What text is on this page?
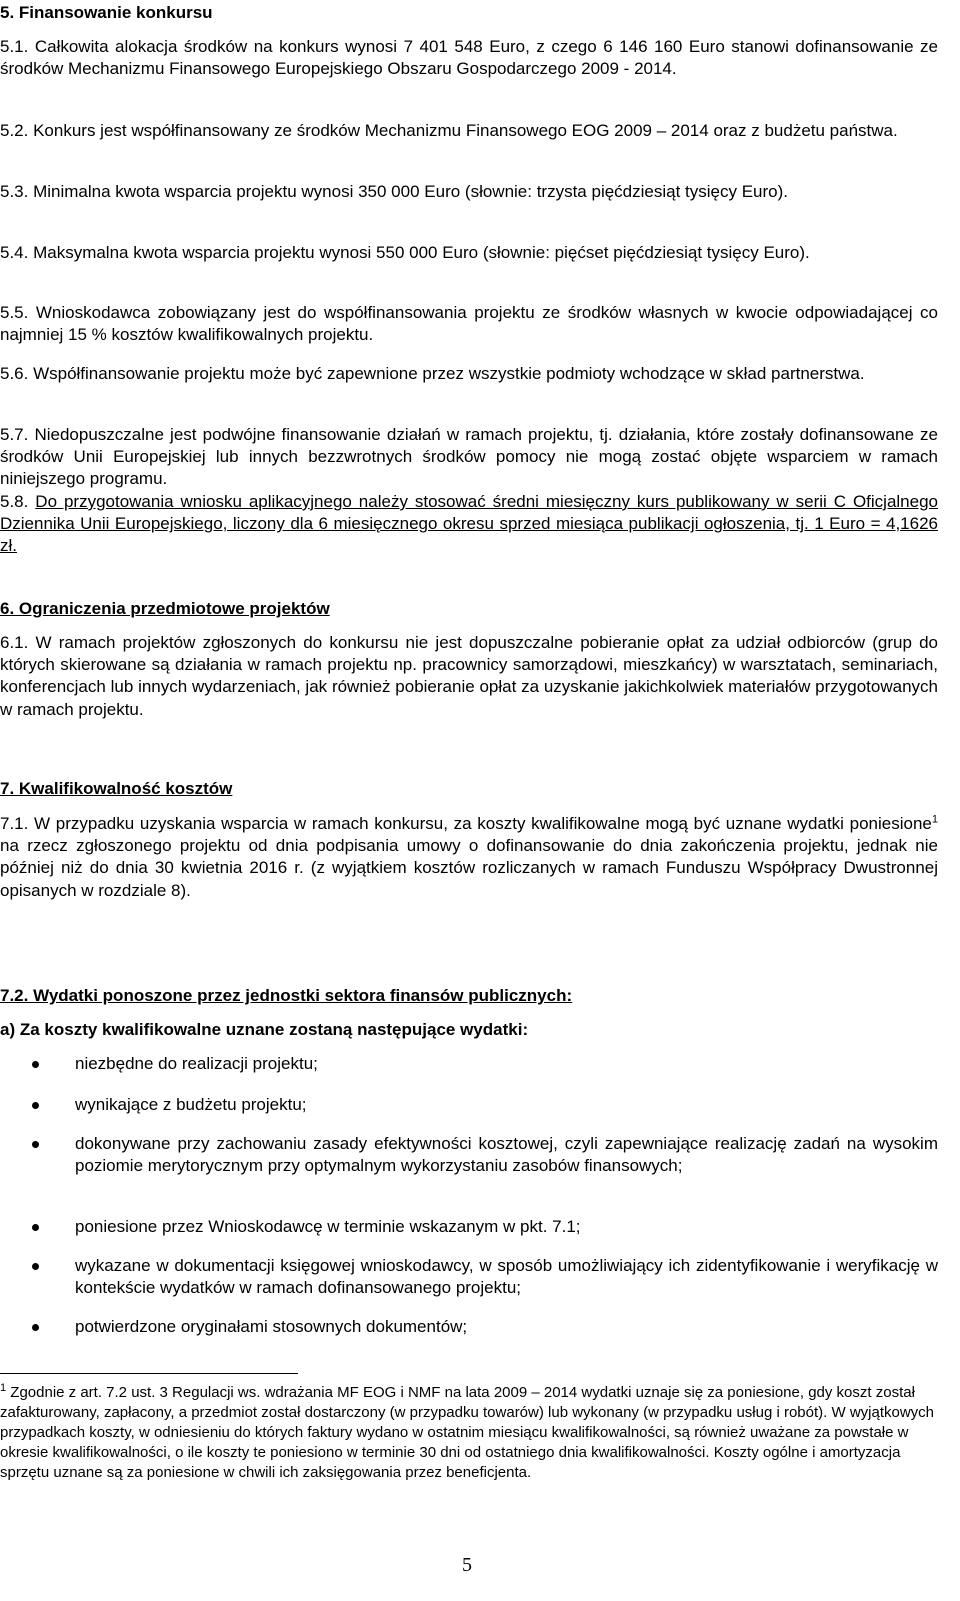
5. Finansowanie konkursu

5.1. Całkowita alokacja środków na konkurs wynosi 7 401 548 Euro, z czego 6 146 160 Euro stanowi dofinansowanie ze środków Mechanizmu Finansowego Europejskiego Obszaru Gospodarczego 2009 - 2014.

5.2. Konkurs jest współfinansowany ze środków Mechanizmu Finansowego EOG 2009 – 2014 oraz z budżetu państwa.

5.3. Minimalna kwota wsparcia projektu wynosi 350 000 Euro (słownie: trzysta pięćdziesiąt tysięcy Euro).

5.4. Maksymalna kwota wsparcia projektu wynosi 550 000 Euro (słownie: pięćset pięćdziesiąt tysięcy Euro).

5.5. Wnioskodawca zobowiązany jest do współfinansowania projektu ze środków własnych w kwocie odpowiadającej co najmniej 15 % kosztów kwalifikowalnych projektu.

5.6. Współfinansowanie projektu może być zapewnione przez wszystkie podmioty wchodzące w skład partnerstwa.

5.7. Niedopuszczalne jest podwójne finansowanie działań w ramach projektu, tj. działania, które zostały dofinansowane ze środków Unii Europejskiej lub innych bezzwrotnych środków pomocy nie mogą zostać objęte wsparciem w ramach niniejszego programu.

5.8. Do przygotowania wniosku aplikacyjnego należy stosować średni miesięczny kurs publikowany w serii C Oficjalnego Dziennika Unii Europejskiego, liczony dla 6 miesięcznego okresu sprzed miesiąca publikacji ogłoszenia, tj. 1 Euro = 4,1626 zł.

6. Ograniczenia przedmiotowe projektów

6.1. W ramach projektów zgłoszonych do konkursu nie jest dopuszczalne pobieranie opłat za udział odbiorców (grup do których skierowane są działania w ramach projektu np. pracownicy samorządowi, mieszkańcy) w warsztatach, seminariach, konferencjach lub innych wydarzeniach, jak również pobieranie opłat za uzyskanie jakichkolwiek materiałów przygotowanych w ramach projektu.

7. Kwalifikowalność kosztów

7.1. W przypadku uzyskania wsparcia w ramach konkursu, za koszty kwalifikowalne mogą być uznane wydatki poniesione$^1$ na rzecz zgłoszonego projektu od dnia podpisania umowy o dofinansowanie do dnia zakończenia projektu, jednak nie później niż do dnia 30 kwietnia 2016 r. (z wyjątkiem kosztów rozliczanych w ramach Funduszu Współpracy Dwustronnej opisanych w rozdziale 8).

7.2. Wydatki ponoszone przez jednostki sektora finansów publicznych:

a) Za koszty kwalifikowalne uznane zostaną następujące wydatki:

niezbędne do realizacji projektu;

wynikające z budżetu projektu;

dokonywane przy zachowaniu zasady efektywności kosztowej, czyli zapewniające realizację zadań na wysokim poziomie merytorycznym przy optymalnym wykorzystaniu zasobów finansowych;

poniesione przez Wnioskodawcę w terminie wskazanym w pkt. 7.1;

wykazane w dokumentacji księgowej wnioskodawcy, w sposób umożliwiający ich zidentyfikowanie i weryfikację w kontekście wydatków w ramach dofinansowanego projektu;

potwierdzone oryginałami stosownych dokumentów;

$^1$ Zgodnie z art. 7.2 ust. 3 Regulacji ws. wdrażania MF EOG i NMF na lata 2009 – 2014 wydatki uznaje się za poniesione, gdy koszt został zafakturowany, zapłacony, a przedmiot został dostarczony (w przypadku towarów) lub wykonany (w przypadku usług i robót). W wyjątkowych przypadkach koszty, w odniesieniu do których faktury wydano w ostatnim miesiącu kwalifikowalności, są również uważane za powstałe w okresie kwalifikowalności, o ile koszty te poniesiono w terminie 30 dni od ostatniego dnia kwalifikowalności. Koszty ogólne i amortyzacja sprzętu uznane są za poniesione w chwili ich zaksięgowania przez beneficjenta.

5
